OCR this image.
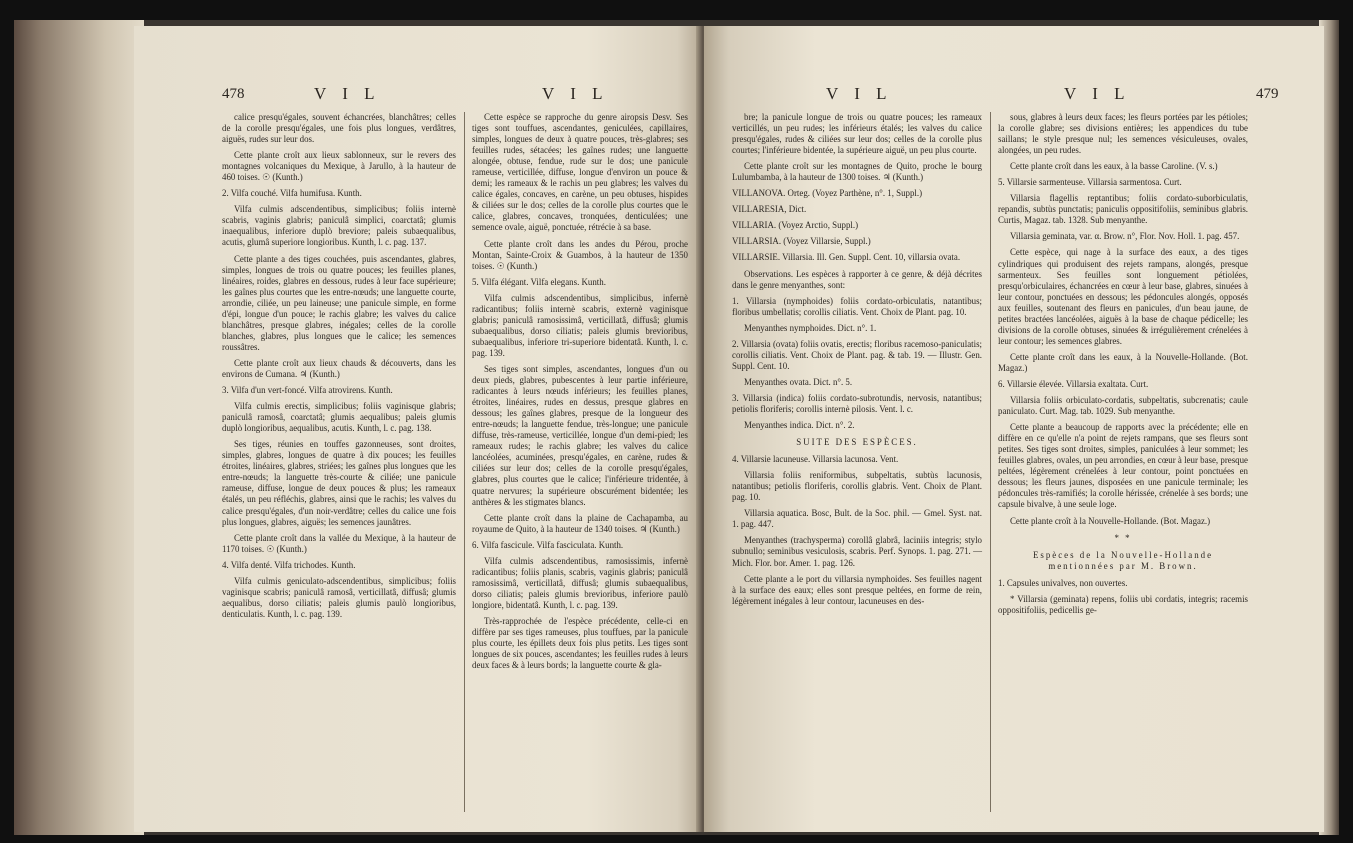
478	V I L	V I L

calice presqu'égales, souvent échancrées, blanchâtres; celles de la corolle presqu'égales, une fois plus longues, verdâtres, aiguës, rudes sur leur dos.

Cette plante croît aux lieux sablonneux, sur le revers des montagnes volcaniques du Mexique, à Jarullo, à la hauteur de 460 toises. ☉ (Kunth.)

2. Vilfa couché. Vilfa humifusa. Kunth.

Vilfa culmis adscendentibus, simplicibus; foliis internè scabris, vaginis glabris; paniculâ simplici, coarctatâ; glumis inaequalibus, inferiore duplò breviore; paleis subaequalibus, acutis, glumâ superiore longioribus. Kunth, l. c. pag. 137.

Cette plante a des tiges couchées, puis ascendantes, glabres, simples, longues de trois ou quatre pouces; les feuilles planes, linéaires, roides, glabres en dessous, rudes à leur face supérieure; les gaînes plus courtes que les entre-nœuds; une languette courte, arrondie, ciliée, un peu laineuse; une panicule simple, en forme d'épi, longue d'un pouce; le rachis glabre; les valves du calice blanchâtres, presque glabres, inégales; celles de la corolle blanches, glabres, plus longues que le calice; les semences roussâtres.

Cette plante croît aux lieux chauds & découverts, dans les environs de Cumana. ♃ (Kunth.)

3. Vilfa d'un vert-foncé. Vilfa atrovirens. Kunth.

Vilfa culmis erectis, simplicibus; foliis vaginisque glabris; paniculâ ramosâ, coarctatâ; glumis aequalibus; paleis glumis duplò longioribus, aequalibus, acutis. Kunth, l. c. pag. 138.

Ses tiges, réunies en touffes gazonneuses, sont droites, simples, glabres, longues de quatre à dix pouces; les feuilles étroites, linéaires, glabres, striées; les gaînes plus longues que les entre-nœuds; la languette très-courte & ciliée; une panicule rameuse, diffuse, longue de deux pouces & plus; les rameaux étalés, un peu réfléchis, glabres, ainsi que le rachis; les valves du calice presqu'égales, d'un noir-verdâtre; celles du calice une fois plus longues, glabres, aiguës; les semences jaunâtres.

Cette plante croît dans la vallée du Mexique, à la hauteur de 1170 toises. ☉ (Kunth.)

4. Vilfa denté. Vilfa trichodes. Kunth.

Vilfa culmis geniculato-adscendentibus, simplicibus; foliis vaginisque scabris; paniculâ ramosâ, verticillatâ, diffusâ; glumis aequalibus, dorso ciliatis; paleis glumis paulò longioribus, denticulatis. Kunth, l. c. pag. 139.

Cette espèce se rapproche du genre airopsis Desv. Ses tiges sont touffues, ascendantes, geniculées, capillaires, simples, longues de deux à quatre pouces, très-glabres; ses feuilles rudes, sétacées; les gaînes rudes; une languette alongée, obtuse, fendue, rude sur le dos; une panicule rameuse, verticillée, diffuse, longue d'environ un pouce & demi; les rameaux & le rachis un peu glabres; les valves du calice égales, concaves, en carène, un peu obtuses, hispides & ciliées sur le dos; celles de la corolle plus courtes que le calice, glabres, concaves, tronquées, denticulées; une semence ovale, aiguë, ponctuée, rétrécie à sa base.

Cette plante croît dans les andes du Pérou, proche Montan, Sainte-Croix & Guambos, à la hauteur de 1350 toises. ☉ (Kunth.)

5. Vilfa élégant. Vilfa elegans. Kunth.

Vilfa culmis adscendentibus, simplicibus, infernè radicantibus; foliis internè scabris, externè vaginisque glabris; paniculâ ramosissimâ, verticillatâ, diffusâ; glumis subaequalibus, dorso ciliatis; paleis glumis brevioribus, subaequalibus, inferiore tri-superiore bidentatâ. Kunth, l. c. pag. 139.

Ses tiges sont simples, ascendantes, longues d'un ou deux pieds, glabres, pubescentes à leur partie inférieure, radicantes à leurs nœuds inférieurs; les feuilles planes, étroites, linéaires, rudes en dessus, presque glabres en dessous; les gaînes glabres, presque de la longueur des entre-nœuds; la languette fendue, très-longue; une panicule diffuse, très-rameuse, verticillée, longue d'un demi-pied; les rameaux rudes; le rachis glabre; les valves du calice lancéolées, acuminées, presqu'égales, en carène, rudes & ciliées sur leur dos; celles de la corolle presqu'égales, glabres, plus courtes que le calice; l'inférieure tridentée, à quatre nervures; la supérieure obscurément bidentée; les anthères & les stigmates blancs.

Cette plante croît dans la plaine de Cachapamba, au royaume de Quito, à la hauteur de 1340 toises. ♃ (Kunth.)

6. Vilfa fascicule. Vilfa fasciculata. Kunth.

Vilfa culmis adscendentibus, ramosissimis, infernè radicantibus; foliis planis, scabris, vaginis glabris; paniculâ ramosissimâ, verticillatâ, diffusâ; glumis subaequalibus, dorso ciliatis; paleis glumis brevioribus, inferiore paulò longiore, bidentatâ. Kunth, l. c. pag. 139.

Très-rapprochée de l'espèce précédente, celle-ci en diffère par ses tiges rameuses, plus touffues, par la panicule plus courte, les épillets deux fois plus petits. Les tiges sont longues de six pouces, ascendantes; les feuilles rudes à leurs deux faces & à leurs bords; la languette courte & gla-

V I L	V I L	479

bre; la panicule longue de trois ou quatre pouces; les rameaux verticillés, un peu rudes; les inférieurs étalés; les valves du calice presqu'égales, rudes & ciliées sur leur dos; celles de la corolle plus courtes; l'inférieure bidentée, la supérieure aiguë, un peu plus courte.

Cette plante croît sur les montagnes de Quito, proche le bourg Lulumbamba, à la hauteur de 1300 toises. ♃ (Kunth.)

VILLANOVA. Orteg. (Voyez Parthène, n°. 1, Suppl.)

VILLARESIA, Dict.

VILLARIA. (Voyez Arctio, Suppl.)

VILLARSIA. (Voyez Villarsie, Suppl.)

VILLARSIE. Villarsia. Ill. Gen. Suppl. Cent. 10, villarsia ovata.

Observations. Les espèces à rapporter à ce genre, & déjà décrites dans le genre menyanthes, sont:

1. Villarsia (nymphoides) foliis cordato-orbiculatis, natantibus; floribus umbellatis; corollis ciliatis. Vent. Choix de Plant. pag. 10.

Menyanthes nymphoides. Dict. n°. 1.

2. Villarsia (ovata) foliis ovatis, erectis; floribus racemoso-paniculatis; corollis ciliatis. Vent. Choix de Plant. pag. & tab. 19. — Illustr. Gen. Suppl. Cent. 10.

Menyanthes ovata. Dict. n°. 5.

3. Villarsia (indica) foliis cordato-subrotundis, nervosis, natantibus; petiolis floriferis; corollis internè pilosis. Vent. l. c.

Menyanthes indica. Dict. n°. 2.

SUITE DES ESPÈCES.

4. Villarsie lacuneuse. Villarsia lacunosa. Vent.

Villarsia foliis reniformibus, subpeltatis, subtùs lacunosis, natantibus; petiolis floriferis, corollis glabris. Vent. Choix de Plant. pag. 10.

Villarsia aquatica. Bosc, Bult. de la Soc. phil. — Gmel. Syst. nat. 1. pag. 447.

Menyanthes (trachysperma) corollâ glabrâ, laciniis integris; stylo subnullo; seminibus vesiculosis, scabris. Perf. Synops. 1. pag. 271. — Mich. Flor. bor. Amer. 1. pag. 126.

Cette plante a le port du villarsia nymphoides. Ses feuilles nagent à la surface des eaux; elles sont presque peltées, en forme de rein, légèrement inégales à leur contour, lacuneuses en des-

sous, glabres à leurs deux faces; les fleurs portées par les pétioles; la corolle glabre; ses divisions entières; les appendices du tube saillans; le style presque nul; les semences vésiculeuses, ovales, alongées, un peu rudes.

Cette plante croît dans les eaux, à la basse Caroline. (V. s.)

5. Villarsie sarmenteuse. Villarsia sarmentosa. Curt.

Villarsia flagellis reptantibus; foliis cordato-suborbiculatis, repandis, subtùs punctatis; paniculis oppositifoliis, seminibus glabris. Curtis, Magaz. tab. 1328. Sub menyanthe.

Villarsia geminata, var. α. Brow. n°, Flor. Nov. Holl. 1. pag. 457.

Cette espèce, qui nage à la surface des eaux, a des tiges cylindriques qui produisent des rejets rampans, alongés, presque sarmenteux. Ses feuilles sont longuement pétiolées, presqu'orbiculaires, échancrées en cœur à leur base, glabres, sinuées à leur contour, ponctuées en dessous; les pédoncules alongés, opposés aux feuilles, soutenant des fleurs en panicules, d'un beau jaune, de petites bractées lancéolées, aiguës à la base de chaque pédicelle; les divisions de la corolle obtuses, sinuées & irrégulièrement crénelées à leur contour; les semences glabres.

Cette plante croît dans les eaux, à la Nouvelle-Hollande. (Bot. Magaz.)

6. Villarsie élevée. Villarsia exaltata. Curt.

Villarsia foliis orbiculato-cordatis, subpeltatis, subcrenatis; caule paniculato. Curt. Mag. tab. 1029. Sub menyanthe.

Cette plante a beaucoup de rapports avec la précédente; elle en diffère en ce qu'elle n'a point de rejets rampans, que ses fleurs sont petites. Ses tiges sont droites, simples, paniculées à leur sommet; les feuilles glabres, ovales, un peu arrondies, en cœur à leur base, presque peltées, légèrement crénelées à leur contour, point ponctuées en dessous; les fleurs jaunes, disposées en une panicule terminale; les pédoncules très-ramifiés; la corolle hérissée, crénelée à ses bords; une capsule bivalve, à une seule loge.

Cette plante croît à la Nouvelle-Hollande. (Bot. Magaz.)

* *

Espèces de la Nouvelle-Hollande mentionnées par M. Brown.

1. Capsules univalves, non ouvertes.

* Villarsia (geminata) repens, foliis ubi cordatis, integris; racemis oppositifoliis, pedicellis ge-
